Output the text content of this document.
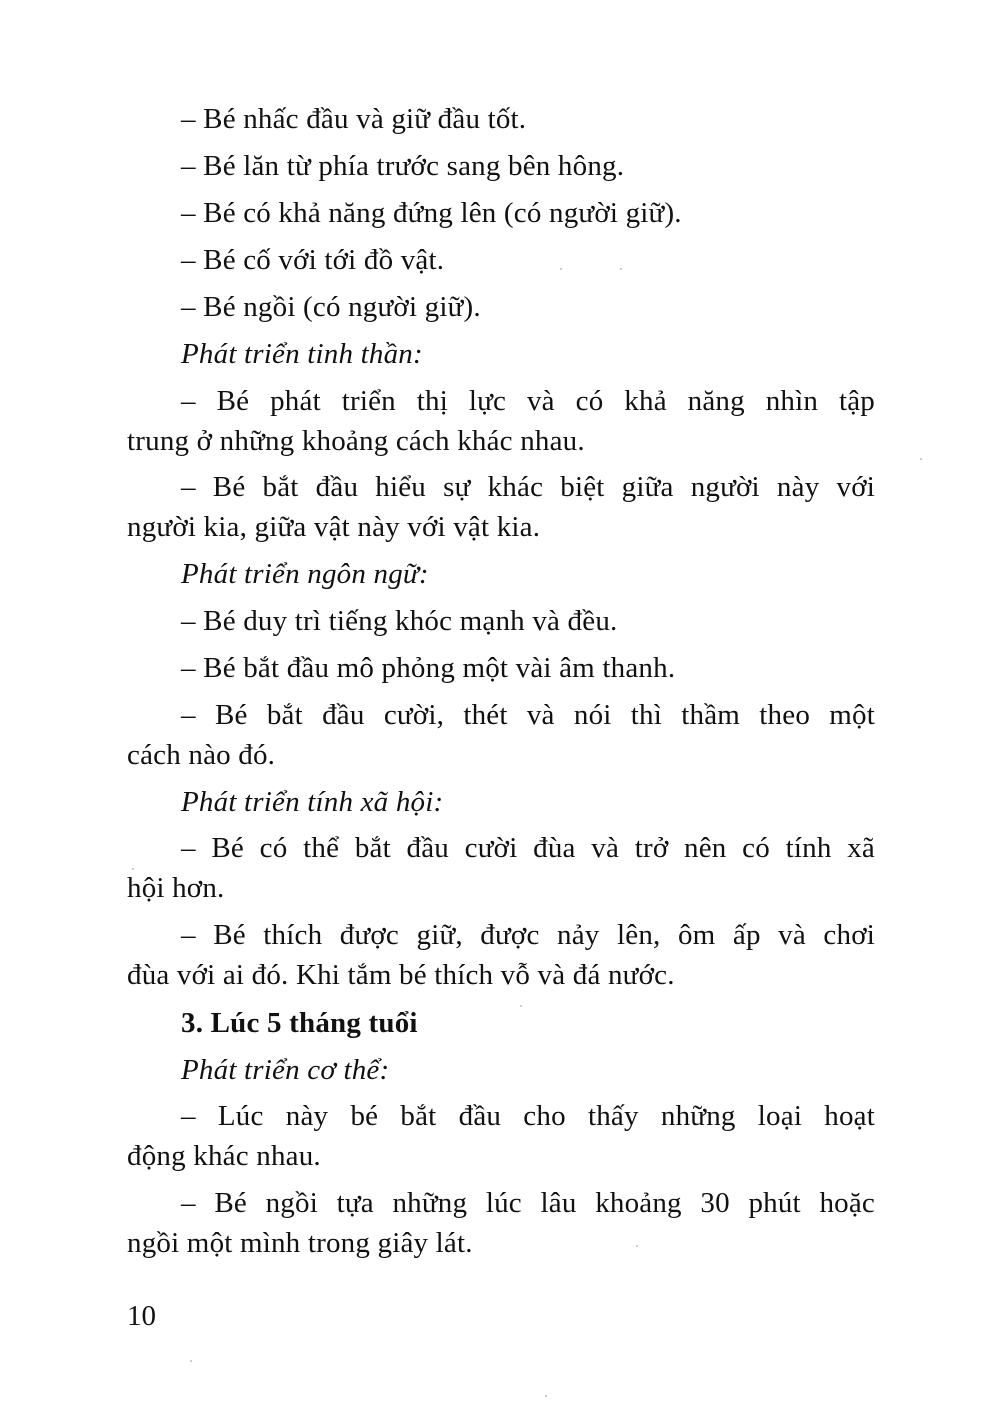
– Bé nhấc đầu và giữ đầu tốt.
– Bé lăn từ phía trước sang bên hông.
– Bé có khả năng đứng lên (có người giữ).
– Bé cố với tới đồ vật.
– Bé ngồi (có người giữ).
Phát triển tinh thần:
– Bé phát triển thị lực và có khả năng nhìn tập
trung ở những khoảng cách khác nhau.
– Bé bắt đầu hiểu sự khác biệt giữa người này với
người kia, giữa vật này với vật kia.
Phát triển ngôn ngữ:
– Bé duy trì tiếng khóc mạnh và đều.
– Bé bắt đầu mô phỏng một vài âm thanh.
– Bé bắt đầu cười, thét và nói thì thầm theo một
cách nào đó.
Phát triển tính xã hội:
– Bé có thể bắt đầu cười đùa và trở nên có tính xã
hội hơn.
– Bé thích được giữ, được nảy lên, ôm ấp và chơi
đùa với ai đó. Khi tắm bé thích vỗ và đá nước.
3. Lúc 5 tháng tuổi
Phát triển cơ thể:
– Lúc này bé bắt đầu cho thấy những loại hoạt
động khác nhau.
– Bé ngồi tựa những lúc lâu khoảng 30 phút hoặc
ngồi một mình trong giây lát.
10
